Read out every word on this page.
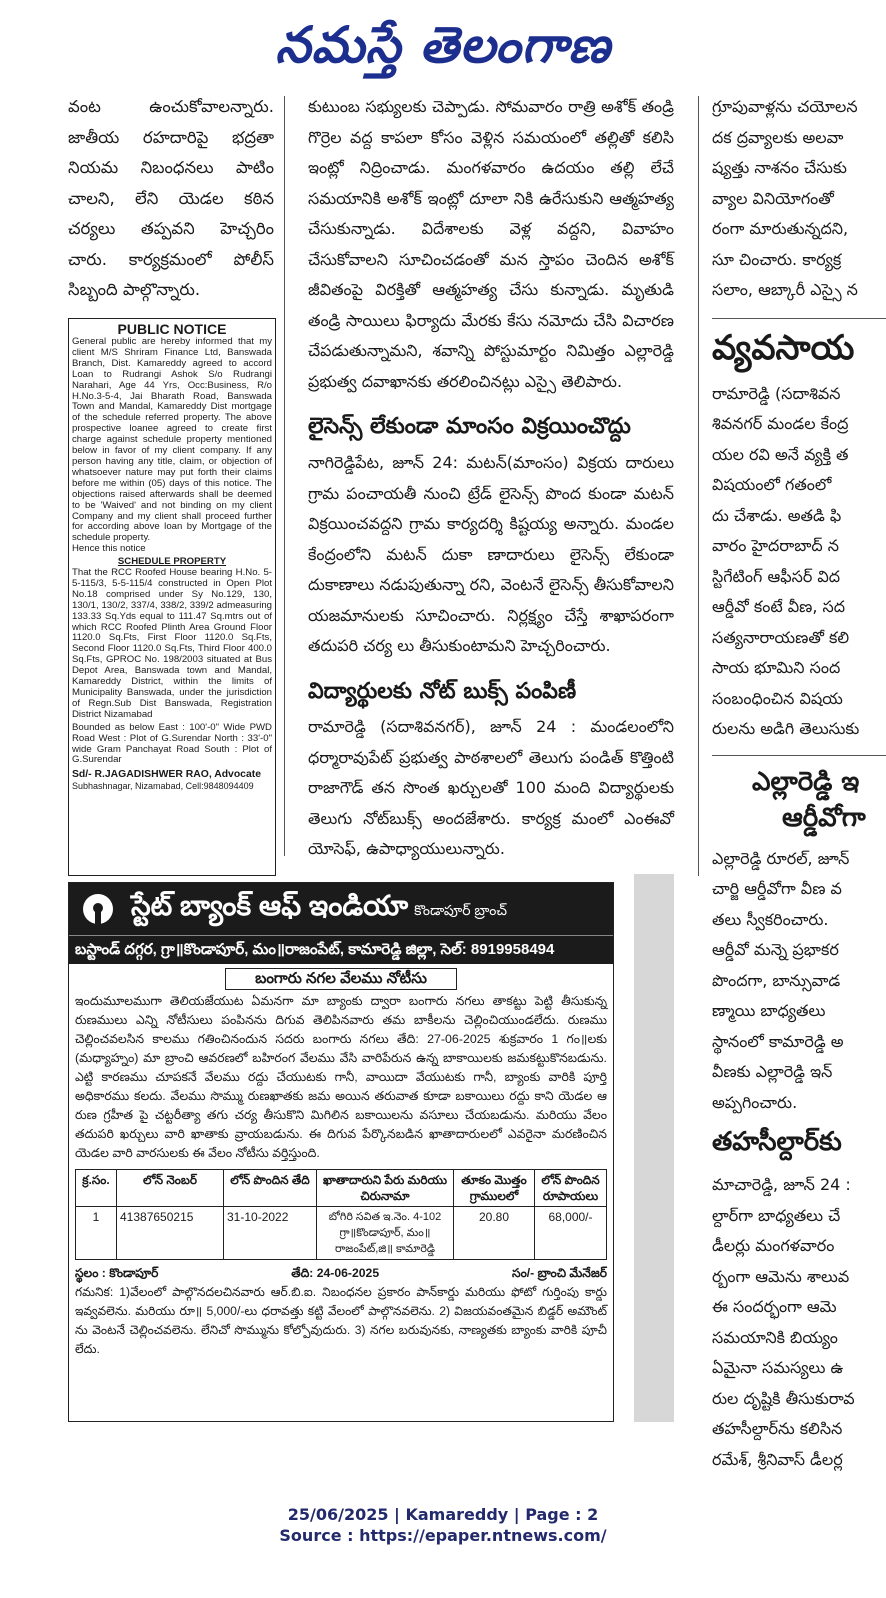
నమస్తే తెలంగాణ

వంట ఉంచుకోవాలన్నారు. జాతీయ రహదారిపై భద్రతా నియమ నిబంధనలు పాటిం చాలని, లేని యెడల కఠిన చర్యలు తప్పవని హెచ్చరిం చారు. కార్యక్రమంలో పోలీస్ సిబ్బంది పాల్గొన్నారు.

PUBLIC NOTICE
General public are hereby informed that my client M/S Shriram Finance Ltd, Banswada Branch, Dist. Kamareddy agreed to accord Loan to Rudrangi Ashok S/o Rudrangi Narahari, Age 44 Yrs, Occ:Business, R/o H.No.3-5-4, Jai Bharath Road, Banswada Town and Mandal, Kamareddy Dist mortgage of the schedule referred property. The above prospective loanee agreed to create first charge against schedule property mentioned below in favor of my client company. If any person having any title, claim, or objection of whatsoever nature may put forth their claims before me within (05) days of this notice. The objections raised afterwards shall be deemed to be 'Waived' and not binding on my client Company and my client shall proceed further for according above loan by Mortgage of the schedule property.
Hence this notice
SCHEDULE PROPERTY
That the RCC Roofed House bearing H.No. 5-5-115/3, 5-5-115/4 constructed in Open Plot No.18 comprised under Sy No.129, 130, 130/1, 130/2, 337/4, 338/2, 339/2 admeasuring 133.33 Sq.Yds equal to 111.47 Sq.mtrs out of which RCC Roofed Plinth Area Ground Floor 1120.0 Sq.Fts, First Floor 1120.0 Sq.Fts, Second Floor 1120.0 Sq.Fts, Third Floor 400.0 Sq.Fts, GPROC No. 198/2003 situated at Bus Depot Area, Banswada town and Mandal, Kamareddy District, within the limits of Municipality Banswada, under the jurisdiction of Regn.Sub Dist Banswada, Registration District Nizamabad
Bounded as below East : 100'-0" Wide PWD Road West : Plot of G.Surendar North : 33'-0" wide Gram Panchayat Road South : Plot of G.Surendar
Sd/- R.JAGADISHWER RAO, Advocate
Subhashnagar, Nizamabad, Cell:9848094409

కుటుంబ సభ్యులకు చెప్పాడు. సోమవారం రాత్రి అశోక్ తండ్రి గొర్రెల వద్ద కాపలా కోసం వెళ్లిన సమయంలో తల్లితో కలిసి ఇంట్లో నిద్రించాడు. మంగళవారం ఉదయం తల్లి లేచే సమయానికి అశోక్ ఇంట్లో దూలా నికి ఉరేసుకుని ఆత్మహత్య చేసుకున్నాడు. విదేశాలకు వెళ్ల వద్దని, వివాహం చేసుకోవాలని సూచించడంతో మన స్తాపం చెందిన అశోక్ జీవితంపై విరక్తితో ఆత్మహత్య చేసు కున్నాడు. మృతుడి తండ్రి సాయిలు ఫిర్యాదు మేరకు కేసు నమోదు చేసి విచారణ చేపడుతున్నామని, శవాన్ని పోస్టుమార్టం నిమిత్తం ఎల్లారెడ్డి ప్రభుత్వ దవాఖానకు తరలించినట్లు ఎస్సై తెలిపారు.

లైసెన్స్ లేకుండా మాంసం విక్రయించొద్దు

నాగిరెడ్డిపేట, జూన్ 24: మటన్(మాంసం) విక్రయ దారులు గ్రామ పంచాయతీ నుంచి ట్రేడ్ లైసెన్స్ పొంద కుండా మటన్ విక్రయించవద్దని గ్రామ కార్యదర్శి కిష్టయ్య అన్నారు. మండల కేంద్రంలోని మటన్ దుకా ణాదారులు లైసెన్స్ లేకుండా దుకాణాలు నడుపుతున్నా రని, వెంటనే లైసెన్స్ తీసుకోవాలని యజమానులకు సూచించారు. నిర్లక్ష్యం చేస్తే శాఖాపరంగా తదుపరి చర్య లు తీసుకుంటామని హెచ్చరించారు.

విద్యార్థులకు నోట్ బుక్స్ పంపిణీ

రామారెడ్డి (సదాశివనగర్), జూన్ 24 : మండలంలోని ధర్మారావుపేట్ ప్రభుత్వ పాఠశాలలో తెలుగు పండిత్ కొత్తింటి రాజాగౌడ్ తన సొంత ఖర్చులతో 100 మంది విద్యార్థులకు తెలుగు నోట్‌బుక్స్ అందజేశారు. కార్యక్ర మంలో ఎంఈవో యోసెఫ్, ఉపాధ్యాయులున్నారు.

గ్రూపువాళ్లను చయోలన
దక ద్రవ్యాలకు అలవా
ష్యత్తు నాశనం చేసుకు
వ్యాల వినియోగంతో
రంగా మారుతున్నదని,
సూ చించారు. కార్యక్ర
సలాం, ఆబ్కారీ ఎస్సై న
వ్యవసాయ
రామారెడ్డి (సదాశివన
శివనగర్ మండల కేంద్ర
యల రవి అనే వ్యక్తి త
విషయంలో గతంలో
దు చేశాడు. అతడి ఫి
వారం హైదరాబాద్ న
స్టిగేటింగ్ ఆఫీసర్ విద
ఆర్డీవో కంటే వీణ, సద
సత్యనారాయణతో కలి
సాయ భూమిని సంద
సంబంధించిన విషయ
రులను అడిగి తెలుసుకు
ఎల్లారెడ్డి ఇ
ఆర్డీవోగా
ఎల్లారెడ్డి రూరల్, జూన్
చార్జి ఆర్డీవోగా వీణ వ
తలు స్వీకరించారు.
ఆర్డీవో మన్నె ప్రభాకర
పొందగా, బాన్సువాడ
ణ్మాయి బాధ్యతలు
స్థానంలో కామారెడ్డి అ
వీణకు ఎల్లారెడ్డి ఇన్
అప్పగించారు.
తహసీల్దార్‌కు
మాచారెడ్డి, జూన్ 24 :
ల్దార్‌గా బాధ్యతలు చే
డీలర్లు మంగళవారం
ర్బంగా ఆమెను శాలువ
ఈ సందర్భంగా ఆమె
సమయానికి బియ్యం
ఏమైనా సమస్యలు ఉ
రుల దృష్టికి తీసుకురావ
తహసీల్దార్‌ను కలిసిన
రమేశ్, శ్రీనివాస్ డీలర్ల
స్టేట్ బ్యాంక్ ఆఫ్ ఇండియా కొండాపూర్ బ్రాంచ్
బస్టాండ్ దగ్గర, గ్రా॥కొండాపూర్, మం॥రాజంపేట్, కామారెడ్డి జిల్లా, సెల్: 8919958494
బంగారు నగల వేలము నోటీసు
ఇందుమూలముగా తెలియజేయుట ఏమనగా మా బ్యాంకు ద్వారా బంగారు నగలు తాకట్టు పెట్టి తీసుకున్న రుణములు ఎన్ని నోటీసులు పంపినను దిగువ తెలిపినవారు తమ బాకీలను చెల్లించియుండలేదు. రుణము చెల్లించవలసిన కాలము గతించినందున సదరు బంగారు నగలు తేది: 27-06-2025 శుక్రవారం 1 గం॥లకు (మధ్యాహ్నం) మా బ్రాంచి ఆవరణలో బహిరంగ వేలము వేసి వారిపేరున ఉన్న బాకాయిలకు జమకట్టుకొనబడును. ఎట్టి కారణము చూపకనే వేలము రద్దు చేయుటకు గానీ, వాయిదా వేయుటకు గానీ, బ్యాంకు వారికి పూర్తి అధికారము కలదు. వేలము సొమ్ము రుణఖాతకు జమ అయిన తరువాత కూడా బకాయిలు రద్దు కాని యెడల ఆ రుణ గ్రహీత పై చట్టరీత్యా తగు చర్య తీసుకొని మిగిలిన బకాయిలను వసూలు చేయబడును. మరియు వేలం తదుపరి ఖర్చులు వారి ఖాతాకు వ్రాయబడును. ఈ దిగువ పేర్కొనబడిన ఖాతాదారులలో ఎవరైనా మరణించిన యెడల వారి వారసులకు ఈ వేలం నోటీసు వర్తిస్తుంది.
క్ర.సం.	లోన్ నెంబర్	లోన్ పొందిన తేది	ఖాతాదారుని పేరు మరియు చిరునామా	తూకం మొత్తం గ్రాములలో	లోన్ పొందిన రూపాయలు
1	41387650215	31-10-2022	బోగిరి సవిత ఇ.నెం. 4-102 గ్రా॥కొండాపూర్, మం॥ రాజంపేట్,జి॥ కామారెడ్డి	20.80	68,000/-
స్థలం : కొండాపూర్	తేది: 24-06-2025	సం/- బ్రాంచి మేనేజర్
గమనిక: 1)వేలంలో పాల్గొనదలచినవారు ఆర్.బి.ఐ. నిబంధనల ప్రకారం పాన్‌కార్డు మరియు ఫోటో గుర్తింపు కార్డు ఇవ్వవలెను. మరియు రూ॥ 5,000/-లు ధరావత్తు కట్టి వేలంలో పాల్గొనవలెను. 2) విజయవంతమైన బిడ్డర్ అమౌంట్ ను వెంటనే చెల్లించవలెను. లేనిచో సొమ్మును కోల్పోవుదురు. 3) నగల బరువునకు, నాణ్యతకు బ్యాంకు వారికి పూచీ లేదు.
25/06/2025 | Kamareddy | Page : 2
Source : https://epaper.ntnews.com/
